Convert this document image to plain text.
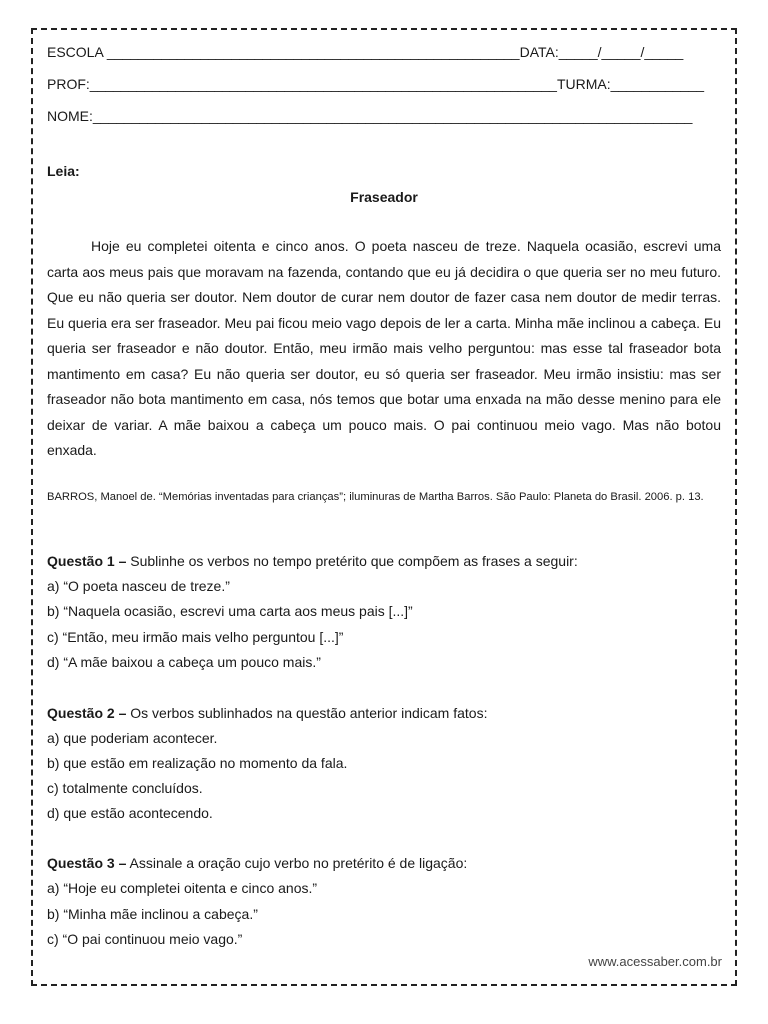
ESCOLA _____________________________________________________DATA:_____/_____/_____
PROF:____________________________________________________________TURMA:____________
NOME:_____________________________________________________________________________
Leia:
Fraseador

Hoje eu completei oitenta e cinco anos. O poeta nasceu de treze. Naquela ocasião, escrevi uma carta aos meus pais que moravam na fazenda, contando que eu já decidira o que queria ser no meu futuro. Que eu não queria ser doutor. Nem doutor de curar nem doutor de fazer casa nem doutor de medir terras. Eu queria era ser fraseador. Meu pai ficou meio vago depois de ler a carta. Minha mãe inclinou a cabeça. Eu queria ser fraseador e não doutor. Então, meu irmão mais velho perguntou: mas esse tal fraseador bota mantimento em casa? Eu não queria ser doutor, eu só queria ser fraseador. Meu irmão insistiu: mas ser fraseador não bota mantimento em casa, nós temos que botar uma enxada na mão desse menino para ele deixar de variar. A mãe baixou a cabeça um pouco mais. O pai continuou meio vago. Mas não botou enxada.

BARROS, Manoel de. “Memórias inventadas para crianças”; iluminuras de Martha Barros. São Paulo: Planeta do Brasil. 2006. p. 13.

Questão 1 – Sublinhe os verbos no tempo pretérito que compõem as frases a seguir:
a) “O poeta nasceu de treze.”
b) “Naquela ocasião, escrevi uma carta aos meus pais [...]”
c) “Então, meu irmão mais velho perguntou [...]”
d) “A mãe baixou a cabeça um pouco mais.”
Questão 2 – Os verbos sublinhados na questão anterior indicam fatos:
a) que poderiam acontecer.
b) que estão em realização no momento da fala.
c) totalmente concluídos.
d) que estão acontecendo.
Questão 3 – Assinale a oração cujo verbo no pretérito é de ligação:
a) “Hoje eu completei oitenta e cinco anos.”
b) “Minha mãe inclinou a cabeça.”
c) “O pai continuou meio vago.”
www.acessaber.com.br
